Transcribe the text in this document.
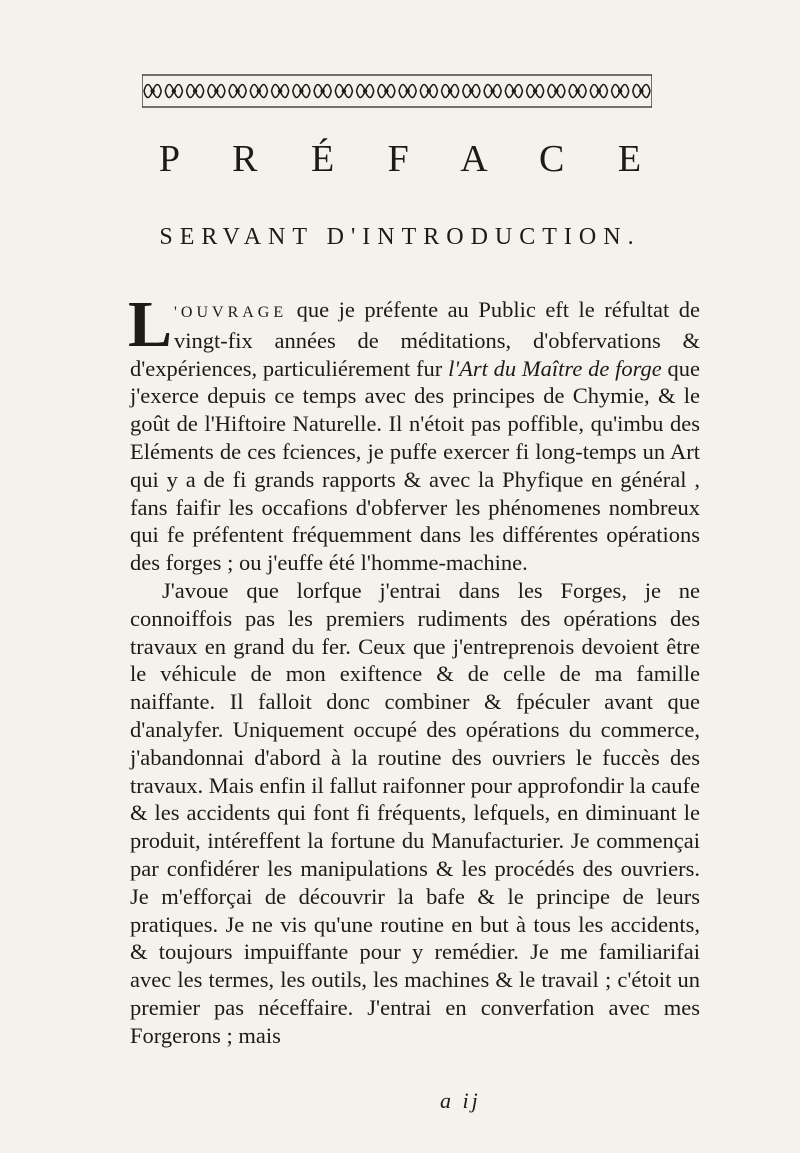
P R É F A C E
SERVANT D'INTRODUCTION.

L 'OUVRAGE que je préfente au Public eft le réfultat de vingt-fix années de méditations, d'obfervations & d'expériences, particuliérement fur l'Art du Maître de forge que j'exerce depuis ce temps avec des principes de Chymie, & le goût de l'Hiftoire Naturelle. Il n'étoit pas poffible, qu'imbu des Eléments de ces fciences, je puffe exercer fi long-temps un Art qui y a de fi grands rapports & avec la Phyfique en général , fans faifir les occafions d'obferver les phénomenes nombreux qui fe préfentent fréquemment dans les différentes opérations des forges ; ou j'euffe été l'homme-machine.

J'avoue que lorfque j'entrai dans les Forges, je ne connoiffois pas les premiers rudiments des opérations des travaux en grand du fer. Ceux que j'entreprenois devoient être le véhicule de mon exiftence & de celle de ma famille naiffante. Il falloit donc combiner & fpéculer avant que d'analyfer. Uniquement occupé des opérations du commerce, j'abandonnai d'abord à la routine des ouvriers le fuccès des travaux. Mais enfin il fallut raifonner pour approfondir la caufe & les accidents qui font fi fréquents, lefquels, en diminuant le produit, intéreffent la fortune du Manufacturier. Je commençai par confidérer les manipulations & les procédés des ouvriers. Je m'efforçai de découvrir la bafe & le principe de leurs pratiques. Je ne vis qu'une routine en but à tous les accidents, & toujours impuiffante pour y remédier. Je me familiarifai avec les termes, les outils, les machines & le travail ; c'étoit un premier pas néceffaire. J'entrai en converfation avec mes Forgerons ; mais

a ij
